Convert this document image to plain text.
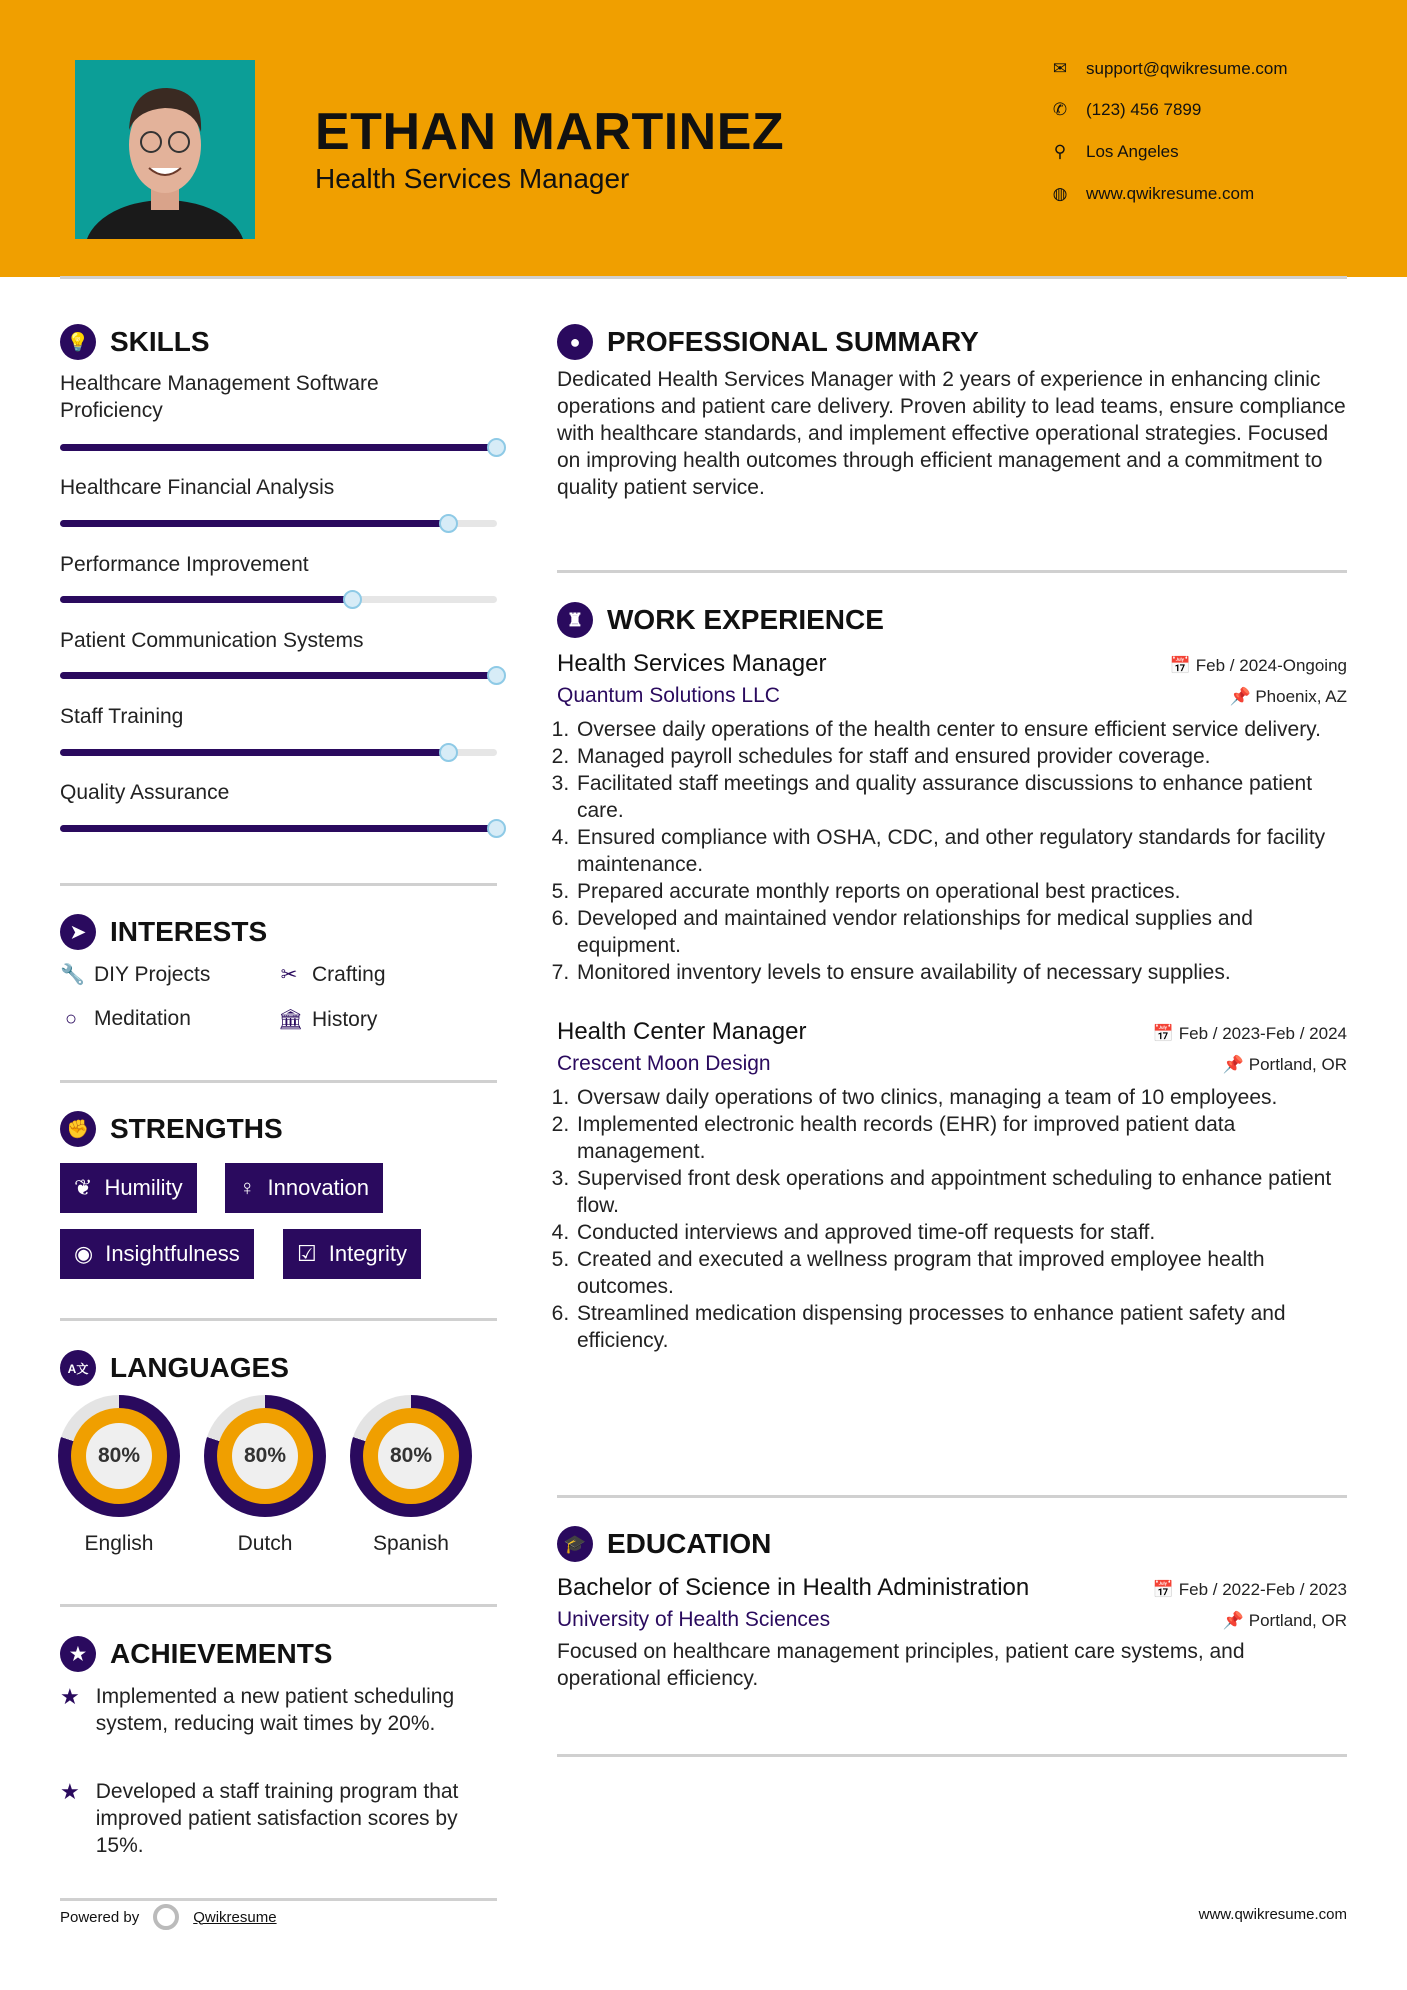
ETHAN MARTINEZ
Health Services Manager
💡 SKILLS
➤ INTERESTS
✊ STRENGTHS
A文 LANGUAGES
★ ACHIEVEMENTS
Powered by	Qwikresume	www.qwikresume.com
● PROFESSIONAL SUMMARY

Dedicated Health Services Manager with 2 years of experience in enhancing clinic operations and patient care delivery. Proven ability to lead teams, ensure compliance with healthcare standards, and implement effective operational strategies. Focused on improving health outcomes through efficient management and a commitment to quality patient service.

♜ WORK EXPERIENCE
Health Services Manager	📅 Feb / 2024-Ongoing
Quantum Solutions LLC	📌 Phoenix, AZ
1. Oversee daily operations of the health center to ensure efficient service delivery.
2. Managed payroll schedules for staff and ensured provider coverage.
3. Facilitated staff meetings and quality assurance discussions to enhance patient care.
4. Ensured compliance with OSHA, CDC, and other regulatory standards for facility maintenance.
5. Prepared accurate monthly reports on operational best practices.
6. Developed and maintained vendor relationships for medical supplies and equipment.
7. Monitored inventory levels to ensure availability of necessary supplies.
Health Center Manager	📅 Feb / 2023-Feb / 2024
Crescent Moon Design	📌 Portland, OR
1. Oversaw daily operations of two clinics, managing a team of 10 employees.
2. Implemented electronic health records (EHR) for improved patient data management.
3. Supervised front desk operations and appointment scheduling to enhance patient flow.
4. Conducted interviews and approved time-off requests for staff.
5. Created and executed a wellness program that improved employee health outcomes.
6. Streamlined medication dispensing processes to enhance patient safety and efficiency.
🎓 EDUCATION
Bachelor of Science in Health Administration	📅 Feb / 2022-Feb / 2023
University of Health Sciences	📌 Portland, OR

Focused on healthcare management principles, patient care systems, and operational efficiency.

✉ support@qwikresume.com
✆ (123) 456 7899
⚲ Los Angeles
◍ www.qwikresume.com
Healthcare Management Software Proficiency
Healthcare Financial Analysis
Performance Improvement
Patient Communication Systems
Staff Training
Quality Assurance
🔧 DIY Projects	✂ Crafting
○ Meditation	🏛 History
❦ Humility	♀ Innovation
◉ Insightfulness	☑ Integrity
80%
English
80%
Dutch
80%
Spanish
★ Implemented a new patient scheduling system, reducing wait times by 20%.
★ Developed a staff training program that improved patient satisfaction scores by 15%.
